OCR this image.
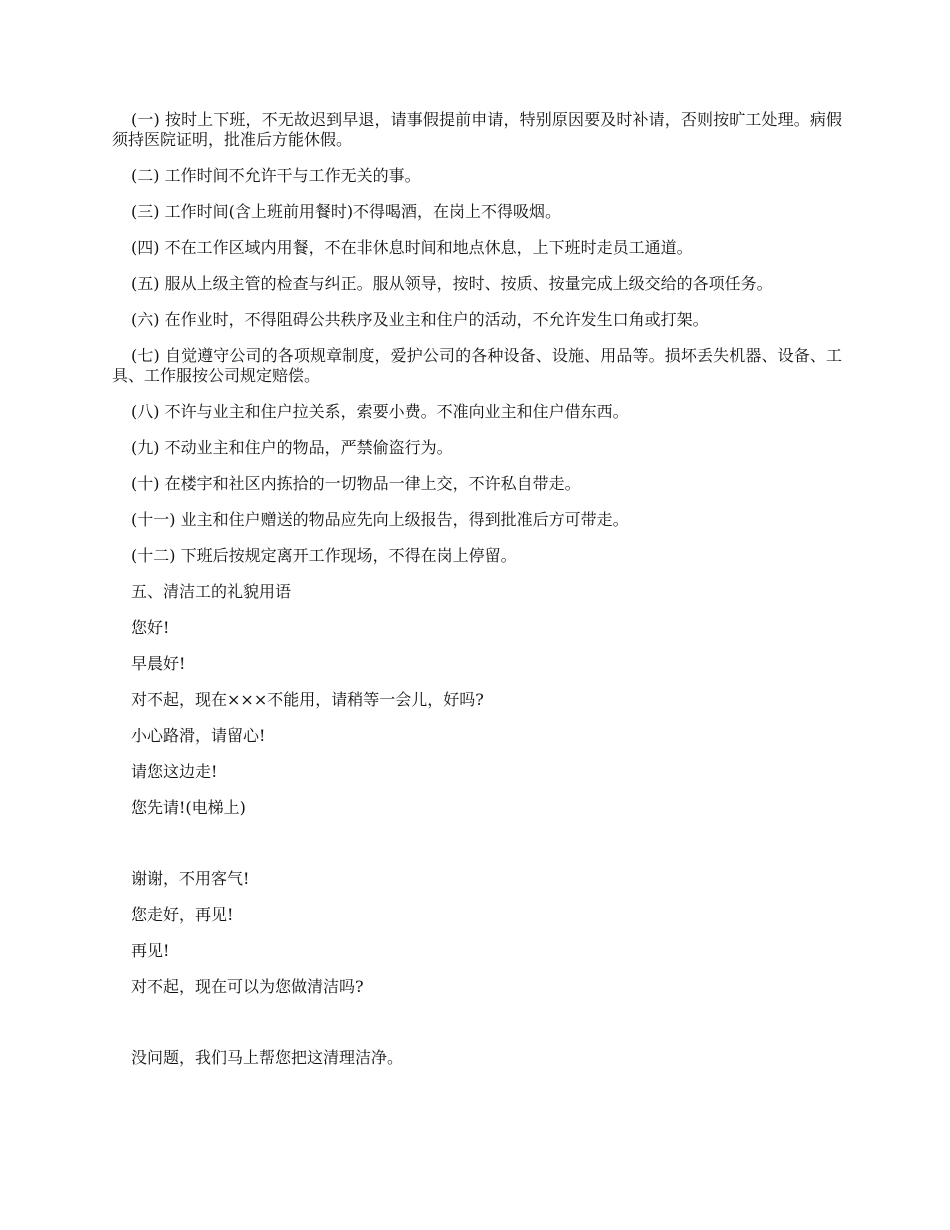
(一) 按时上下班，不无故迟到早退，请事假提前申请，特别原因要及时补请，否则按旷工处理。病假须持医院证明，批准后方能休假。

(二) 工作时间不允许干与工作无关的事。

(三) 工作时间(含上班前用餐时)不得喝酒，在岗上不得吸烟。

(四) 不在工作区域内用餐，不在非休息时间和地点休息，上下班时走员工通道。

(五) 服从上级主管的检查与纠正。服从领导，按时、按质、按量完成上级交给的各项任务。

(六) 在作业时，不得阻碍公共秩序及业主和住户的活动，不允许发生口角或打架。

(七) 自觉遵守公司的各项规章制度，爱护公司的各种设备、设施、用品等。损坏丢失机器、设备、工具、工作服按公司规定赔偿。

(八) 不许与业主和住户拉关系，索要小费。不准向业主和住户借东西。

(九) 不动业主和住户的物品，严禁偷盗行为。

(十) 在楼宇和社区内拣拾的一切物品一律上交，不许私自带走。

(十一) 业主和住户赠送的物品应先向上级报告，得到批准后方可带走。

(十二) 下班后按规定离开工作现场，不得在岗上停留。

五、清洁工的礼貌用语

您好!

早晨好!

对不起，现在×××不能用，请稍等一会儿，好吗?

小心路滑，请留心!

请您这边走!

您先请!(电梯上)

谢谢，不用客气!

您走好，再见!

再见!

对不起，现在可以为您做清洁吗?

没问题，我们马上帮您把这清理洁净。
